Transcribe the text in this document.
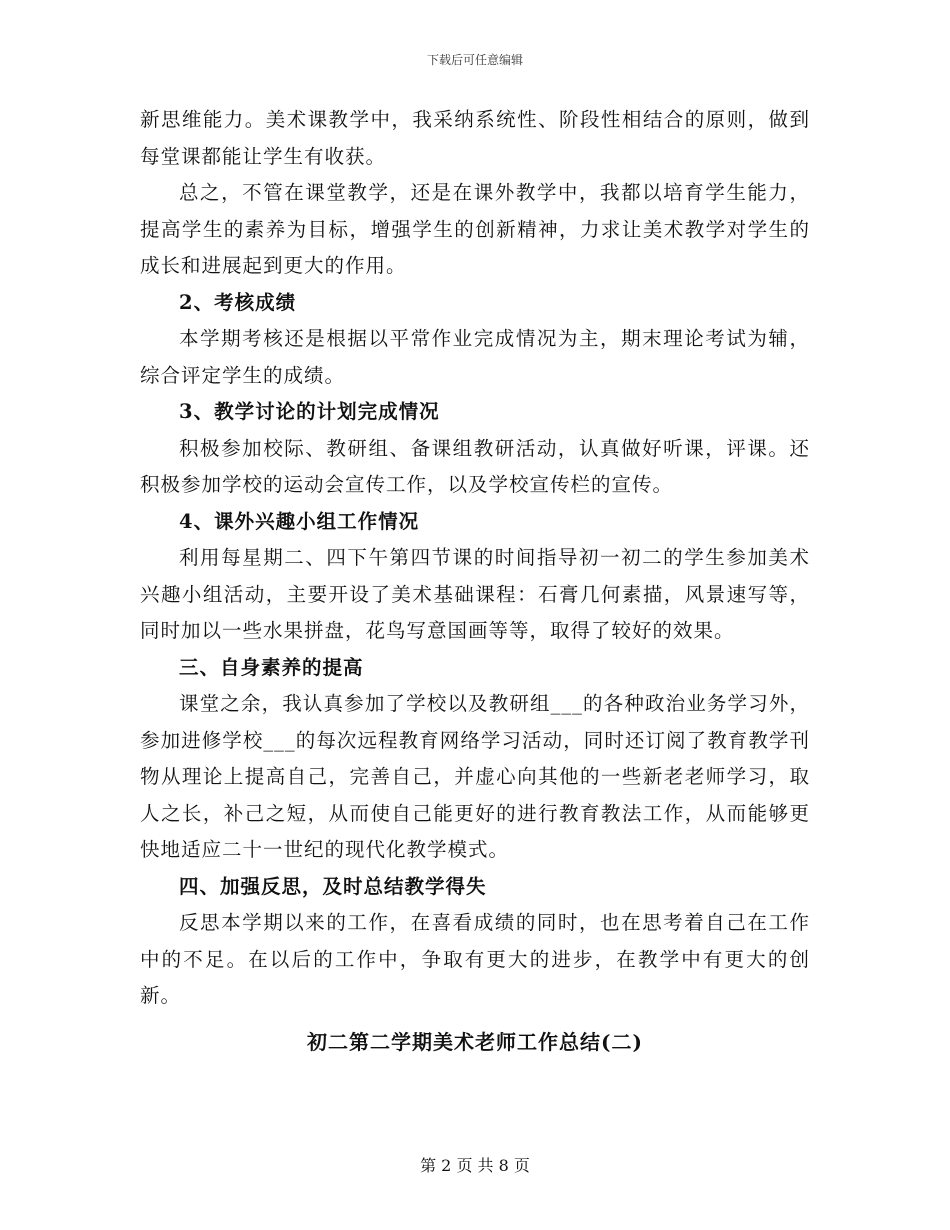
下载后可任意编辑

新思维能力。美术课教学中，我采纳系统性、阶段性相结合的原则，做到每堂课都能让学生有收获。

总之，不管在课堂教学，还是在课外教学中，我都以培育学生能力，提高学生的素养为目标，增强学生的创新精神，力求让美术教学对学生的成长和进展起到更大的作用。

2、考核成绩

本学期考核还是根据以平常作业完成情况为主，期末理论考试为辅，综合评定学生的成绩。

3、教学讨论的计划完成情况

积极参加校际、教研组、备课组教研活动，认真做好听课，评课。还积极参加学校的运动会宣传工作，以及学校宣传栏的宣传。

4、课外兴趣小组工作情况

利用每星期二、四下午第四节课的时间指导初一初二的学生参加美术兴趣小组活动，主要开设了美术基础课程：石膏几何素描，风景速写等，同时加以一些水果拼盘，花鸟写意国画等等，取得了较好的效果。

三、自身素养的提高

课堂之余，我认真参加了学校以及教研组___的各种政治业务学习外，参加进修学校___的每次远程教育网络学习活动，同时还订阅了教育教学刊物从理论上提高自己，完善自己，并虚心向其他的一些新老老师学习，取人之长，补己之短，从而使自己能更好的进行教育教法工作，从而能够更快地适应二十一世纪的现代化教学模式。

四、加强反思，及时总结教学得失

反思本学期以来的工作，在喜看成绩的同时，也在思考着自己在工作中的不足。在以后的工作中，争取有更大的进步，在教学中有更大的创新。

初二第二学期美术老师工作总结(二)
第 2 页 共 8 页
